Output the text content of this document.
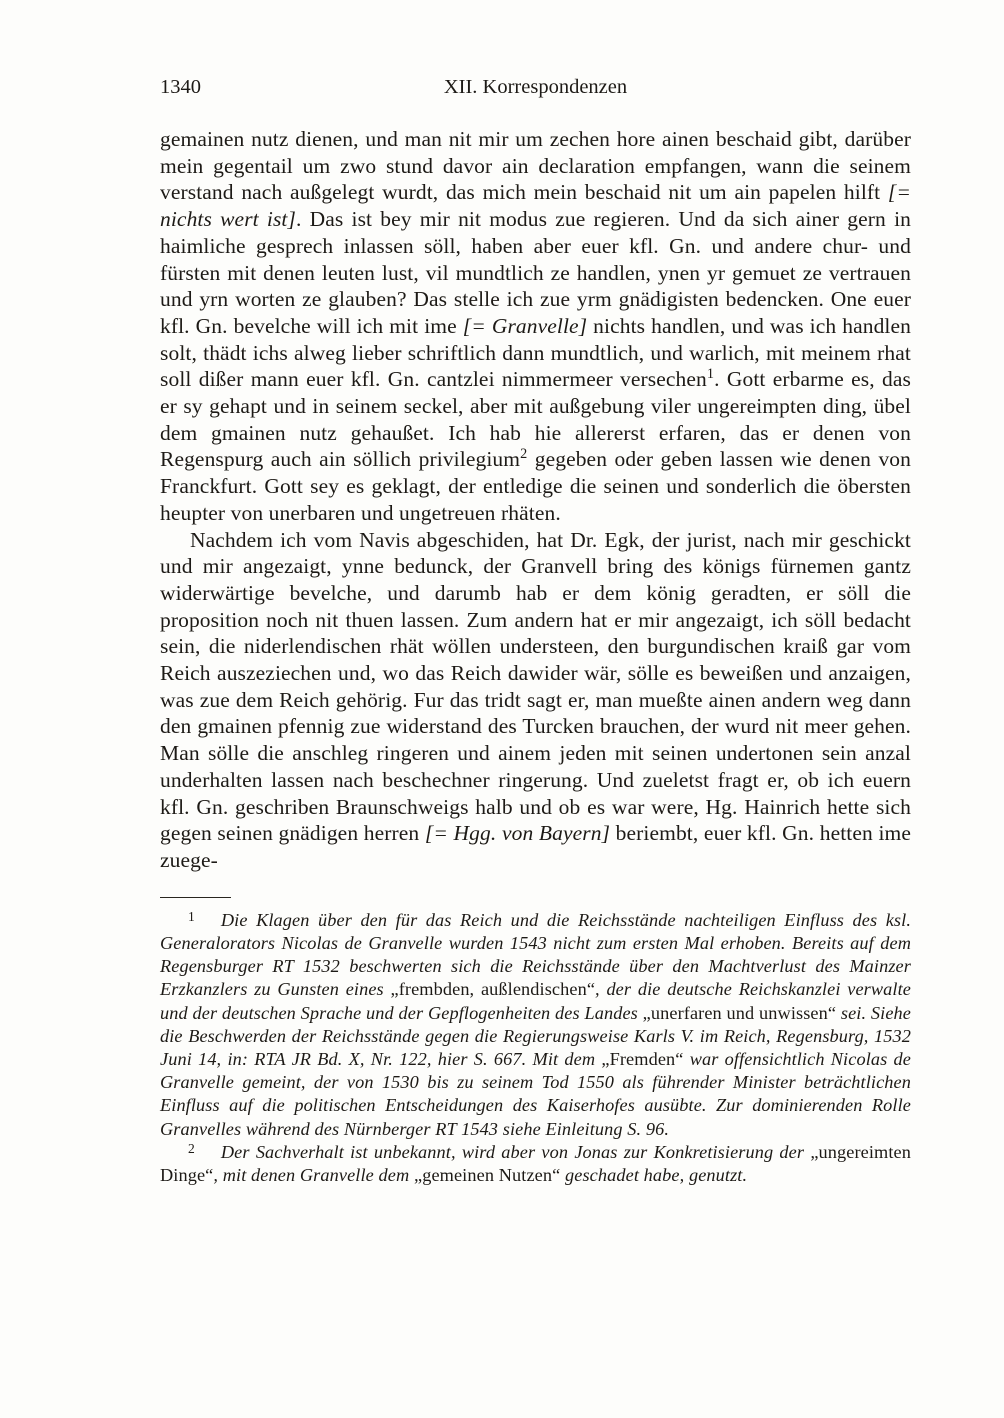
1340	XII. Korrespondenzen

gemainen nutz dienen, und man nit mir um zechen hore ainen beschaid gibt, darüber mein gegentail um zwo stund davor ain declaration empfangen, wann die seinem verstand nach außgelegt wurdt, das mich mein beschaid nit um ain papelen hilft [= nichts wert ist]. Das ist bey mir nit modus zue regieren. Und da sich ainer gern in haimliche gesprech inlassen söll, haben aber euer kfl. Gn. und andere chur- und fürsten mit denen leuten lust, vil mundtlich ze handlen, ynen yr gemuet ze vertrauen und yrn worten ze glauben? Das stelle ich zue yrm gnädigisten bedencken. One euer kfl. Gn. bevelche will ich mit ime [= Granvelle] nichts handlen, und was ich handlen solt, thädt ichs alweg lieber schriftlich dann mundtlich, und warlich, mit meinem rhat soll dißer mann euer kfl. Gn. cantzlei nimmermeer versechen$^1$. Gott erbarme es, das er sy gehapt und in seinem seckel, aber mit außgebung viler ungereimpten ding, übel dem gmainen nutz gehaußet. Ich hab hie allererst erfaren, das er denen von Regenspurg auch ain söllich privilegium$^2$ gegeben oder geben lassen wie denen von Franckfurt. Gott sey es geklagt, der entledige die seinen und sonderlich die öbersten heupter von unerbaren und ungetreuen rhäten.

Nachdem ich vom Navis abgeschiden, hat Dr. Egk, der jurist, nach mir geschickt und mir angezaigt, ynne bedunck, der Granvell bring des königs fürnemen gantz widerwärtige bevelche, und darumb hab er dem könig geradten, er söll die proposition noch nit thuen lassen. Zum andern hat er mir angezaigt, ich söll bedacht sein, die niderlendischen rhät wöllen understeen, den burgundischen kraiß gar vom Reich auszeziechen und, wo das Reich dawider wär, sölle es beweißen und anzaigen, was zue dem Reich gehörig. Fur das tridt sagt er, man mueßte ainen andern weg dann den gmainen pfennig zue widerstand des Turcken brauchen, der wurd nit meer gehen. Man sölle die anschleg ringeren und ainem jeden mit seinen undertonen sein anzal underhalten lassen nach beschechner ringerung. Und zueletst fragt er, ob ich euern kfl. Gn. geschriben Braunschweigs halb und ob es war were, Hg. Hainrich hette sich gegen seinen gnädigen herren [= Hgg. von Bayern] beriembt, euer kfl. Gn. hetten ime zuege-

$^1$ Die Klagen über den für das Reich und die Reichsstände nachteiligen Einfluss des ksl. Generalorators Nicolas de Granvelle wurden 1543 nicht zum ersten Mal erhoben. Bereits auf dem Regensburger RT 1532 beschwerten sich die Reichsstände über den Machtverlust des Mainzer Erzkanzlers zu Gunsten eines „frembden, außlendischen“, der die deutsche Reichskanzlei verwalte und der deutschen Sprache und der Gepflogenheiten des Landes „unerfaren und unwissen“ sei. Siehe die Beschwerden der Reichsstände gegen die Regierungsweise Karls V. im Reich, Regensburg, 1532 Juni 14, in: RTA JR Bd. X, Nr. 122, hier S. 667. Mit dem „Fremden“ war offensichtlich Nicolas de Granvelle gemeint, der von 1530 bis zu seinem Tod 1550 als führender Minister beträchtlichen Einfluss auf die politischen Entscheidungen des Kaiserhofes ausübte. Zur dominierenden Rolle Granvelles während des Nürnberger RT 1543 siehe Einleitung S. 96.

$^2$ Der Sachverhalt ist unbekannt, wird aber von Jonas zur Konkretisierung der „ungereimten Dinge“, mit denen Granvelle dem „gemeinen Nutzen“ geschadet habe, genutzt.
